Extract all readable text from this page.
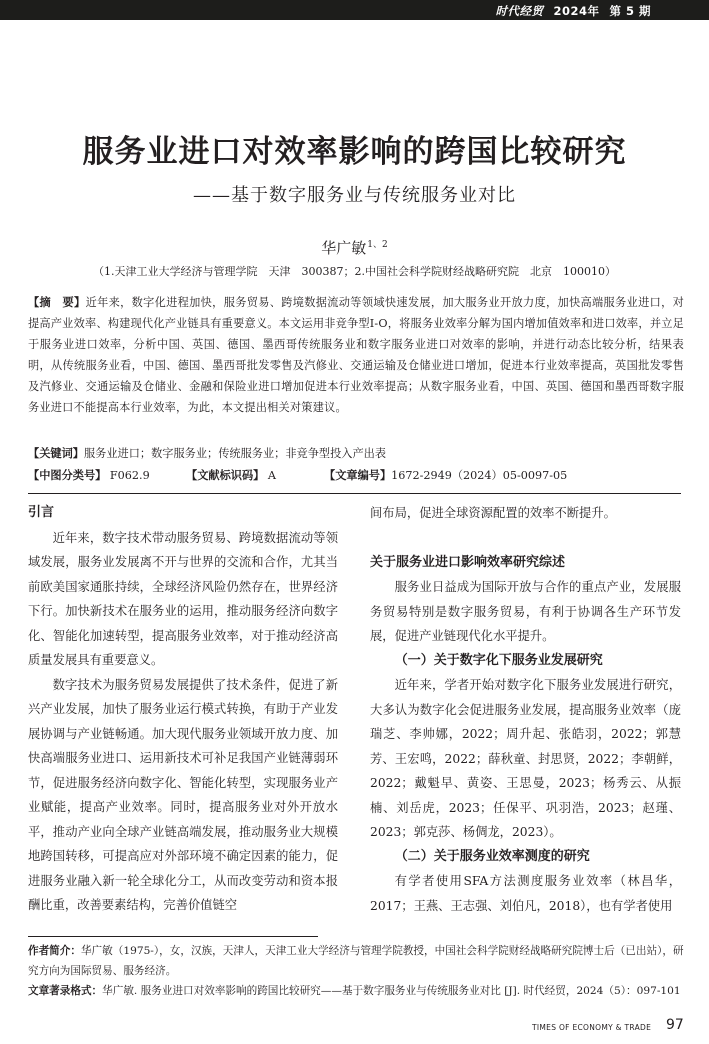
时代经贸 2024年 第 5 期
服务业进口对效率影响的跨国比较研究
——基于数字服务业与传统服务业对比
华广敏$^{1、2}$
（1.天津工业大学经济与管理学院　天津　300387；2.中国社会科学院财经战略研究院　北京　100010）
【摘　要】近年来，数字化进程加快，服务贸易、跨境数据流动等领域快速发展，加大服务业开放力度，加快高端服务业进口，对提高产业效率、构建现代化产业链具有重要意义。本文运用非竞争型I-O，将服务业效率分解为国内增加值效率和进口效率，并立足于服务业进口效率，分析中国、英国、德国、墨西哥传统服务业和数字服务业进口对效率的影响，并进行动态比较分析，结果表明，从传统服务业看，中国、德国、墨西哥批发零售及汽修业、交通运输及仓储业进口增加，促进本行业效率提高，英国批发零售及汽修业、交通运输及仓储业、金融和保险业进口增加促进本行业效率提高；从数字服务业看，中国、英国、德国和墨西哥数字服务业进口不能提高本行业效率，为此，本文提出相关对策建议。
【关键词】服务业进口；数字服务业；传统服务业；非竞争型投入产出表
【中图分类号】 F062.9	【文献标识码】 A	【文章编号】1672-2949（2024）05-0097-05
引言

近年来，数字技术带动服务贸易、跨境数据流动等领域发展，服务业发展离不开与世界的交流和合作，尤其当前欧美国家通胀持续，全球经济风险仍然存在，世界经济下行。加快新技术在服务业的运用，推动服务经济向数字化、智能化加速转型，提高服务业效率，对于推动经济高质量发展具有重要意义。

数字技术为服务贸易发展提供了技术条件，促进了新兴产业发展，加快了服务业运行模式转换，有助于产业发展协调与产业链畅通。加大现代服务业领域开放力度、加快高端服务业进口、运用新技术可补足我国产业链薄弱环节，促进服务经济向数字化、智能化转型，实现服务业产业赋能，提高产业效率。同时，提高服务业对外开放水平，推动产业向全球产业链高端发展，推动服务业大规模地跨国转移，可提高应对外部环境不确定因素的能力，促进服务业融入新一轮全球化分工，从而改变劳动和资本报酬比重，改善要素结构，完善价值链空

间布局，促进全球资源配置的效率不断提升。

关于服务业进口影响效率研究综述

服务业日益成为国际开放与合作的重点产业，发展服务贸易特别是数字服务贸易，有利于协调各生产环节发展，促进产业链现代化水平提升。

（一）关于数字化下服务业发展研究

近年来，学者开始对数字化下服务业发展进行研究，大多认为数字化会促进服务业发展，提高服务业效率（庞瑞芝、李帅娜，2022；周升起、张皓羽，2022；郭慧芳、王宏鸣，2022；薛秋童、封思贤，2022；李朝鲜，2022；戴魁早、黄姿、王思曼，2023；杨秀云、从振楠、刘岳虎，2023；任保平、巩羽浩，2023；赵瑾、2023；郭克莎、杨倜龙，2023）。

（二）关于服务业效率测度的研究

有学者使用SFA方法测度服务业效率（林昌华，2017；王燕、王志强、刘伯凡，2018），也有学者使用

作者简介：华广敏（1975-），女，汉族，天津人，天津工业大学经济与管理学院教授，中国社会科学院财经战略研究院博士后（已出站），研究方向为国际贸易、服务经济。

文章著录格式：华广敏. 服务业进口对效率影响的跨国比较研究——基于数字服务业与传统服务业对比 [J]. 时代经贸，2024（5）：097-101

TIMES OF ECONOMY & TRADE 97
